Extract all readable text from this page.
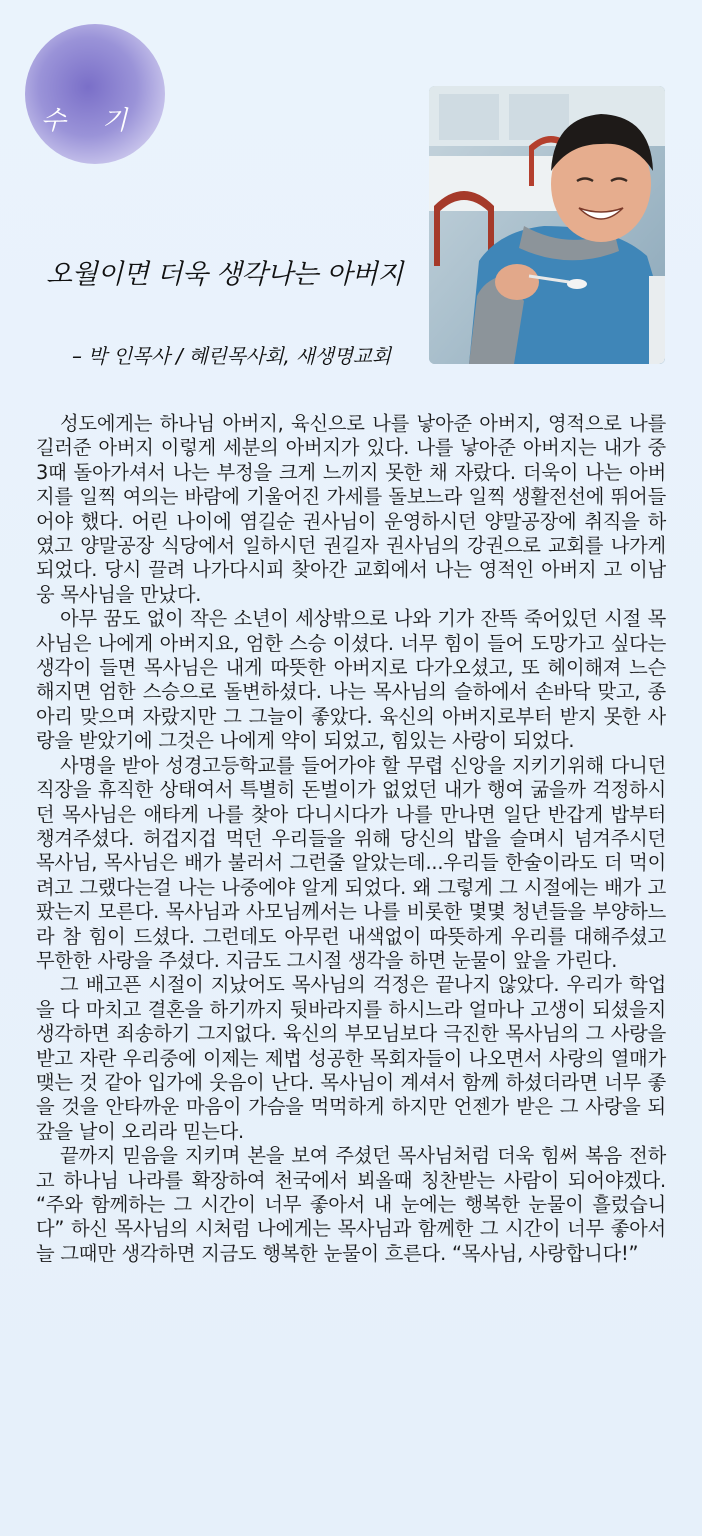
수 기
오월이면 더욱 생각나는 아버지
– 박 인목사 / 혜린목사회, 새생명교회

성도에게는 하나님 아버지, 육신으로 나를 낳아준 아버지, 영적으로 나를 길러준 아버지 이렇게 세분의 아버지가 있다. 나를 낳아준 아버지는 내가 중3때 돌아가셔서 나는 부정을 크게 느끼지 못한 채 자랐다. 더욱이 나는 아버지를 일찍 여의는 바람에 기울어진 가세를 돌보느라 일찍 생활전선에 뛰어들어야 했다. 어린 나이에 염길순 권사님이 운영하시던 양말공장에 취직을 하였고 양말공장 식당에서 일하시던 권길자 권사님의 강권으로 교회를 나가게 되었다. 당시 끌려 나가다시피 찾아간 교회에서 나는 영적인 아버지 고 이남웅 목사님을 만났다.

아무 꿈도 없이 작은 소년이 세상밖으로 나와 기가 잔뜩 죽어있던 시절 목사님은 나에게 아버지요, 엄한 스승 이셨다. 너무 힘이 들어 도망가고 싶다는 생각이 들면 목사님은 내게 따뜻한 아버지로 다가오셨고, 또 헤이해져 느슨해지면 엄한 스승으로 돌변하셨다. 나는 목사님의 슬하에서 손바닥 맞고, 종아리 맞으며 자랐지만 그 그늘이 좋았다. 육신의 아버지로부터 받지 못한 사랑을 받았기에 그것은 나에게 약이 되었고, 힘있는 사랑이 되었다.

사명을 받아 성경고등학교를 들어가야 할 무렵 신앙을 지키기위해 다니던 직장을 휴직한 상태여서 특별히 돈벌이가 없었던 내가 행여 굶을까 걱정하시던 목사님은 애타게 나를 찾아 다니시다가 나를 만나면 일단 반갑게 밥부터 챙겨주셨다. 허겁지겁 먹던 우리들을 위해 당신의 밥을 슬며시 넘겨주시던 목사님, 목사님은 배가 불러서 그런줄 알았는데...우리들 한술이라도 더 먹이려고 그랬다는걸 나는 나중에야 알게 되었다. 왜 그렇게 그 시절에는 배가 고팠는지 모른다. 목사님과 사모님께서는 나를 비롯한 몇몇 청년들을 부양하느라 참 힘이 드셨다. 그런데도 아무런 내색없이 따뜻하게 우리를 대해주셨고 무한한 사랑을 주셨다. 지금도 그시절 생각을 하면 눈물이 앞을 가린다.

그 배고픈 시절이 지났어도 목사님의 걱정은 끝나지 않았다. 우리가 학업을 다 마치고 결혼을 하기까지 뒷바라지를 하시느라 얼마나 고생이 되셨을지 생각하면 죄송하기 그지없다. 육신의 부모님보다 극진한 목사님의 그 사랑을 받고 자란 우리중에 이제는 제법 성공한 목회자들이 나오면서 사랑의 열매가 맺는 것 같아 입가에 웃음이 난다. 목사님이 계셔서 함께 하셨더라면 너무 좋을 것을 안타까운 마음이 가슴을 먹먹하게 하지만 언젠가 받은 그 사랑을 되갚을 날이 오리라 믿는다.

끝까지 믿음을 지키며 본을 보여 주셨던 목사님처럼 더욱 힘써 복음 전하고 하나님 나라를 확장하여 천국에서 뵈올때 칭찬받는 사람이 되어야겠다. “주와 함께하는 그 시간이 너무 좋아서 내 눈에는 행복한 눈물이 흘렀습니다” 하신 목사님의 시처럼 나에게는 목사님과 함께한 그 시간이 너무 좋아서 늘 그때만 생각하면 지금도 행복한 눈물이 흐른다. “목사님, 사랑합니다!”
